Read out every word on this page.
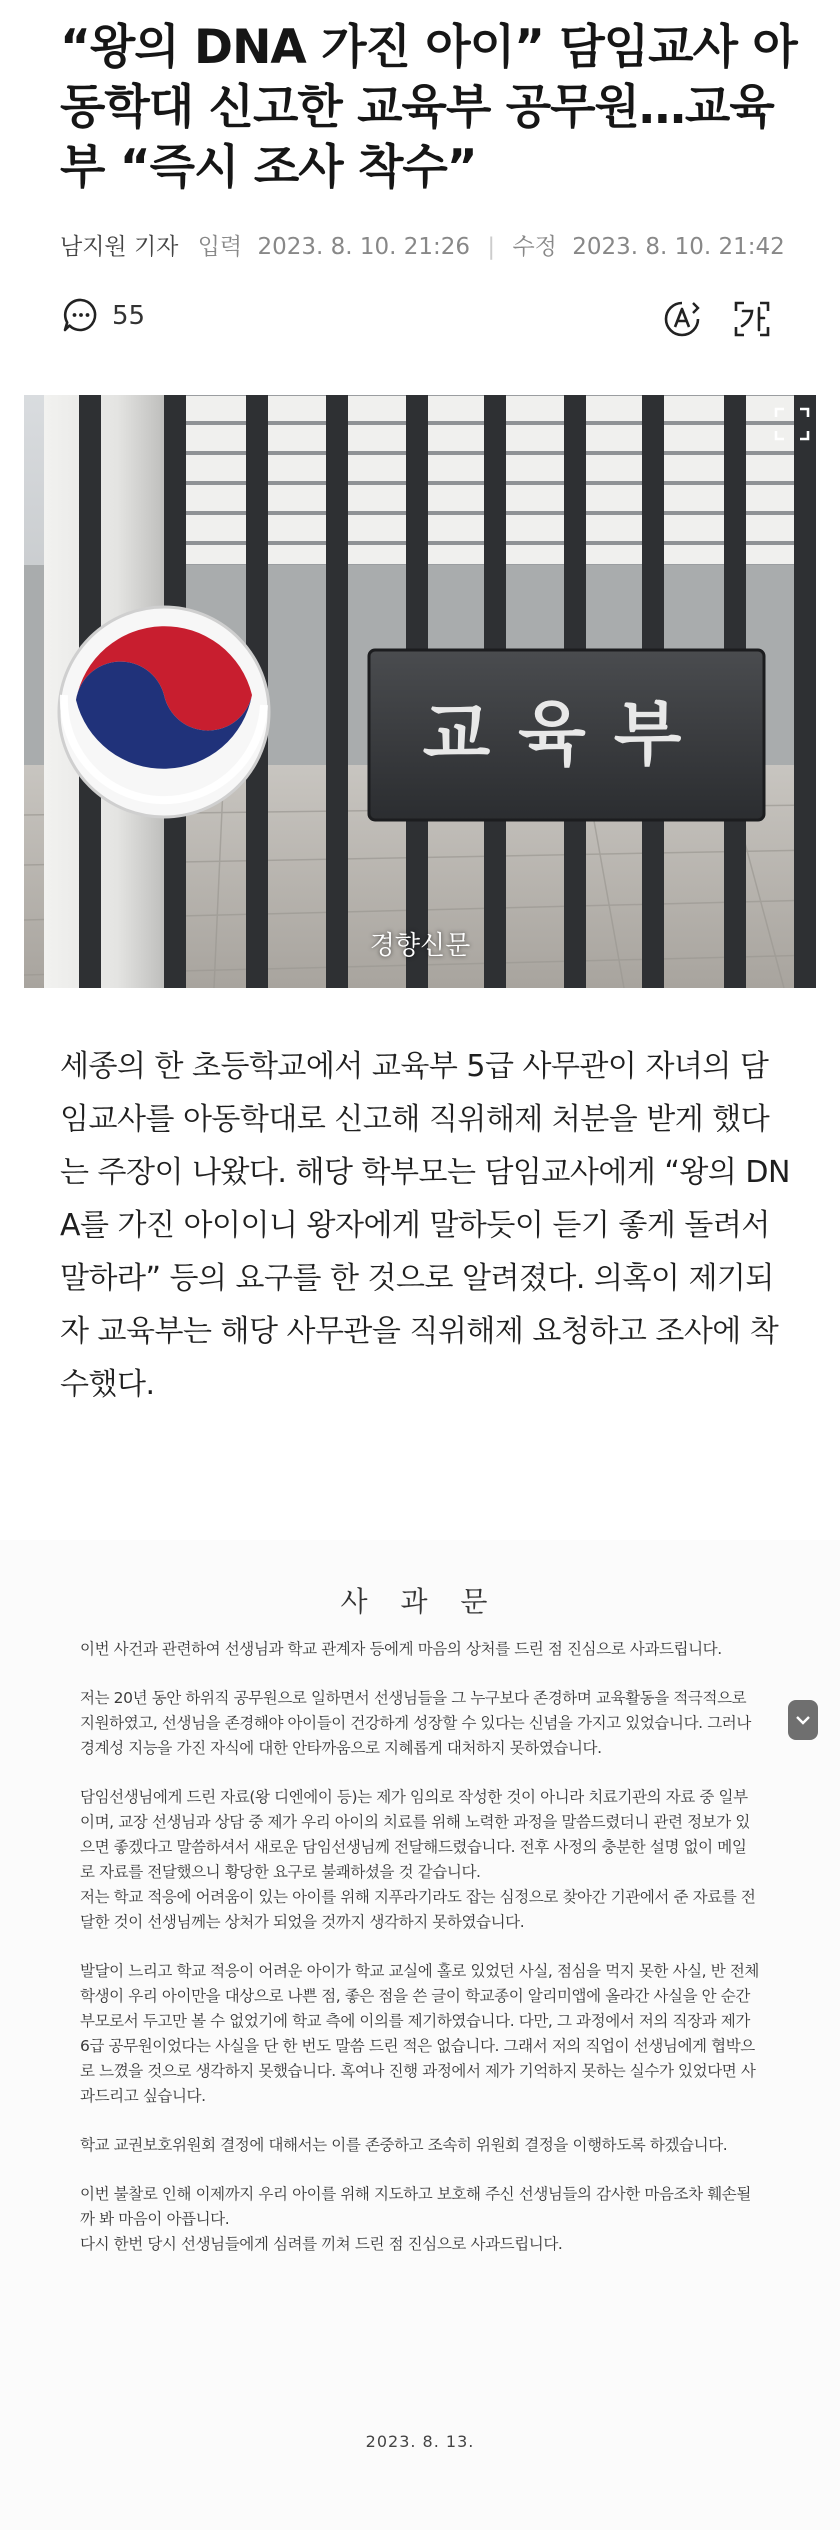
“왕의 DNA 가진 아이” 담임교사 아동학대 신고한 교육부 공무원…교육부 “즉시 조사 착수”
남지원 기자 입력 2023. 8. 10. 21:26 | 수정 2023. 8. 10. 21:42
55
교육부
경향신문

세종의 한 초등학교에서 교육부 5급 사무관이 자녀의 담임교사를 아동학대로 신고해 직위해제 처분을 받게 했다는 주장이 나왔다. 해당 학부모는 담임교사에게 “왕의 DNA를 가진 아이이니 왕자에게 말하듯이 듣기 좋게 돌려서 말하라” 등의 요구를 한 것으로 알려졌다. 의혹이 제기되자 교육부는 해당 사무관을 직위해제 요청하고 조사에 착수했다.

사 과 문

이번 사건과 관련하여 선생님과 학교 관계자 등에게 마음의 상처를 드린 점 진심으로 사과드립니다.

저는 20년 동안 하위직 공무원으로 일하면서 선생님들을 그 누구보다 존경하며 교육활동을 적극적으로 지원하였고, 선생님을 존경해야 아이들이 건강하게 성장할 수 있다는 신념을 가지고 있었습니다. 그러나 경계성 지능을 가진 자식에 대한 안타까움으로 지혜롭게 대처하지 못하였습니다.

담임선생님에게 드린 자료(왕 디엔에이 등)는 제가 임의로 작성한 것이 아니라 치료기관의 자료 중 일부이며, 교장 선생님과 상담 중 제가 우리 아이의 치료를 위해 노력한 과정을 말씀드렸더니 관련 정보가 있으면 좋겠다고 말씀하셔서 새로운 담임선생님께 전달해드렸습니다. 전후 사정의 충분한 설명 없이 메일로 자료를 전달했으니 황당한 요구로 불쾌하셨을 것 같습니다.

저는 학교 적응에 어려움이 있는 아이를 위해 지푸라기라도 잡는 심정으로 찾아간 기관에서 준 자료를 전달한 것이 선생님께는 상처가 되었을 것까지 생각하지 못하였습니다.

발달이 느리고 학교 적응이 어려운 아이가 학교 교실에 홀로 있었던 사실, 점심을 먹지 못한 사실, 반 전체 학생이 우리 아이만을 대상으로 나쁜 점, 좋은 점을 쓴 글이 학교종이 알리미앱에 올라간 사실을 안 순간 부모로서 두고만 볼 수 없었기에 학교 측에 이의를 제기하였습니다. 다만, 그 과정에서 저의 직장과 제가 6급 공무원이었다는 사실을 단 한 번도 말씀 드린 적은 없습니다. 그래서 저의 직업이 선생님에게 협박으로 느꼈을 것으로 생각하지 못했습니다. 혹여나 진행 과정에서 제가 기억하지 못하는 실수가 있었다면 사과드리고 싶습니다.

학교 교권보호위원회 결정에 대해서는 이를 존중하고 조속히 위원회 결정을 이행하도록 하겠습니다.

이번 불찰로 인해 이제까지 우리 아이를 위해 지도하고 보호해 주신 선생님들의 감사한 마음조차 훼손될까 봐 마음이 아픕니다.

다시 한번 당시 선생님들에게 심려를 끼쳐 드린 점 진심으로 사과드립니다.

2023. 8. 13.
